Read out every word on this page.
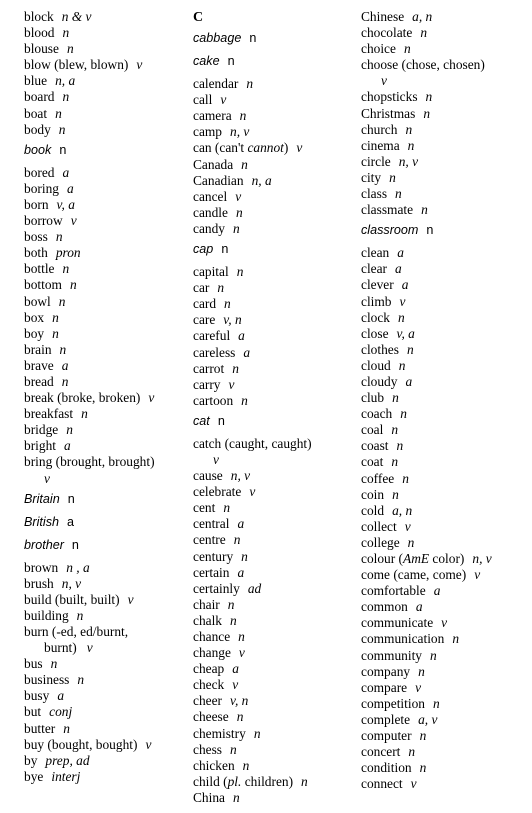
block n & v
blood n
blouse n
blow (blew, blown) v
blue n, a
board n
boat n
body n
book n
bored a
boring a
born v, a
borrow v
boss n
both pron
bottle n
bottom n
bowl n
box n
boy n
brain n
brave a
bread n
break (broke, broken) v
breakfast n
bridge n
bright a
bring (brought, brought)
v
Britain n
British a
brother n
brown n , a
brush n, v
build (built, built) v
building n
burn (-ed, ed/burnt,
burnt)   v
bus n
business n
busy a
but conj
butter n
buy (bought, bought) v
by prep, ad
bye interj
C
cabbage n
cake n
calendar n
call v
camera n
camp n, v
can (can't cannot) v
Canada n
Canadian n, a
cancel v
candle n
candy n
cap n
capital n
car n
card n
care v, n
careful a
careless a
carrot n
carry v
cartoon n
cat n
catch (caught, caught)
v
cause n, v
celebrate v
cent n
central a
centre n
century n
certain a
certainly ad
chair n
chalk n
chance n
change v
cheap a
check v
cheer v, n
cheese n
chemistry n
chess n
chicken n
child (pl. children) n
China n
Chinese a, n
chocolate n
choice n
choose (chose, chosen)
v
chopsticks n
Christmas n
church n
cinema n
circle n, v
city n
class n
classmate n
classroom n
clean a
clear a
clever a
climb v
clock n
close v, a
clothes n
cloud n
cloudy a
club n
coach n
coal n
coast n
coat n
coffee n
coin n
cold a, n
collect v
college n
colour (AmE color) n, v
come (came, come) v
comfortable a
common a
communicate v
communication n
community n
company n
compare v
competition n
complete a, v
computer n
concert n
condition n
connect v
